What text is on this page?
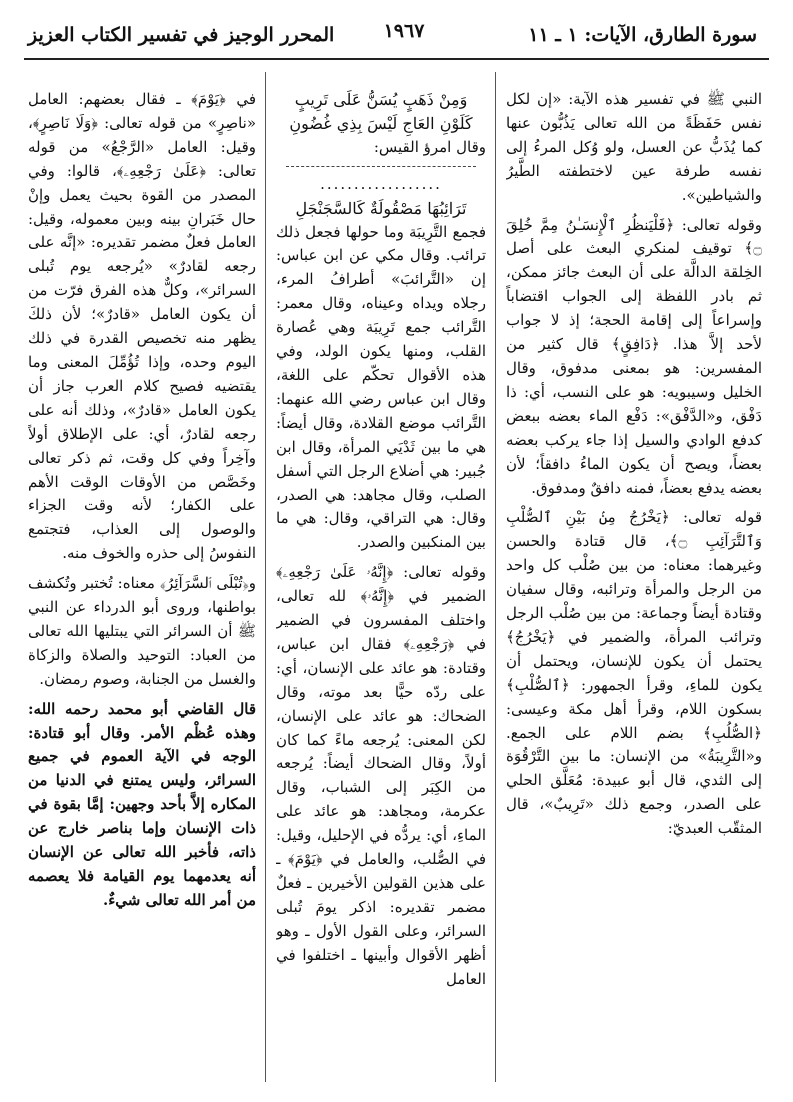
سورة الطارق، الآيات: ١ ـ ١١
١٩٦٧
المحرر الوجيز في تفسير الكتاب العزيز

النبي ﷺ في تفسير هذه الآية: «إن لكل نفس حَفَظَةً من الله تعالى يَذُبُّون عنها كما يُذَبُّ عن العسل، ولو وُكل المرءُ إلى نفسه طرفة عين لاختطفته الطَّيرُ والشياطين».

وقوله تعالى: ﴿فَلْيَنظُرِ ٱلْإِنسَـٰنُ مِمَّ خُلِقَ ۝﴾ توقيف لمنكري البعث على أصل الخِلقة الدالَّة على أن البعث جائز ممكن، ثم بادر اللفظة إلى الجواب اقتضاباً وإسراعاً إلى إقامة الحجة؛ إذ لا جواب لأحد إلاَّ هذا. ﴿دَافِقٍ﴾ قال كثير من المفسرين: هو بمعنى مدفوق، وقال الخليل وسيبويه: هو على النسب، أي: ذا دَفْق، و«الدَّفْق»: دَفْع الماء بعضه ببعض كدفع الوادي والسيل إذا جاء يركب بعضه بعضاً، ويصح أن يكون الماءُ دافقاً؛ لأن بعضه يدفع بعضاً، فمنه دافقٌ ومدفوق.

قوله تعالى: ﴿يَخْرُجُ مِنۢ بَيْنِ ٱلصُّلْبِ وَٱلتَّرَآئِبِ ۝﴾، قال قتادة والحسن وغيرهما: معناه: من بين صُلْب كل واحد من الرجل والمرأة وترائبه، وقال سفيان وقتادة أيضاً وجماعة: من بين صُلْب الرجل وترائب المرأة، والضمير في ﴿يَخْرُجُ﴾ يحتمل أن يكون للإنسان، ويحتمل أن يكون للماءِ، وقرأ الجمهور: ﴿ٱلصُّلْبِ﴾ بسكون اللام، وقرأ أهل مكة وعيسى: ﴿الصُّلُبِ﴾ بضم اللام على الجمع. و«التَّرِيبَةُ» من الإنسان: ما بين التَّرْقُوَة إلى الثدي، قال أبو عبيدة: مُعَلَّق الحلي على الصدر، وجمع ذلك «تَرِيبٌ»، قال المثقّب العبديّ:

وَمِنْ ذَهَبٍ يُسَنُّ عَلَى تَرِيبٍ

كَلَوْنِ العَاجِ لَيْسَ بِذِي غُضُونِ

وقال امرؤ القيس:

..................

تَرَائِبُهَا مَصْقُولَةٌ كَالسَّجَنْجَلِ

فجمع التَّرِيبَة وما حولها فجعل ذلك ترائب. وقال مكي عن ابن عباس: إن «التَّرائبَ» أطرافُ المرء، رجلاه ويداه وعيناه، وقال معمر: التَّرائب جمع تَرِيبَة وهي عُصارة القلب، ومنها يكون الولد، وفي هذه الأقوال تحكّم على اللغة، وقال ابن عباس رضي الله عنهما: التَّرائب موضع القلادة، وقال أيضاً: هي ما بين ثَدْيَي المرأة، وقال ابن جُبير: هي أضلاع الرجل التي أسفل الصلب، وقال مجاهد: هي الصدر، وقال: هي التراقي، وقال: هي ما بين المنكبين والصدر.

وقوله تعالى: ﴿إِنَّهُۥ عَلَىٰ رَجْعِهِۦ﴾ الضمير في ﴿إِنَّهُۥ﴾ لله تعالى، واختلف المفسرون في الضمير في ﴿رَجْعِهِۦ﴾ فقال ابن عباس، وقتادة: هو عائد على الإنسان، أي: على ردّه حيًّا بعد موته، وقال الضحاك: هو عائد على الإنسان، لكن المعنى: يُرجعه ماءً كما كان أولاً، وقال الضحاك أيضاً: يُرجعه من الكِبَر إلى الشباب، وقال عكرمة، ومجاهد: هو عائد على الماءِ، أي: يردُّه في الإحليل، وقيل: في الصُّلب، والعامل في ﴿يَوْمَ﴾ ـ على هذين القولين الأخيرين ـ فعلٌ مضمر تقديره: اذكر يومَ تُبلى السرائر، وعلى القول الأول ـ وهو أظهر الأقوال وأبينها ـ اختلفوا في العامل

في ﴿يَوْمَ﴾ ـ فقال بعضهم: العامل «ناصِرٍ» من قوله تعالى: ﴿وَلَا نَاصِرٍ﴾، وقيل: العامل «الرَّجْعُ» من قوله تعالى: ﴿عَلَىٰ رَجْعِهِۦ﴾، قالوا: وفي المصدر من القوة بحيث يعمل وإنْ حال خَبَرانِ بينه وبين معموله، وقيل: العامل فعلٌ مضمر تقديره: «إنَّه على رجعه لقادرٌ» «يُرجعه يوم تُبلى السرائر»، وكلٌّ هذه الفرق فرّت من أن يكون العامل «قادرٌ»؛ لأن ذلكَ يظهر منه تخصيص القدرة في ذلك اليوم وحده، وإذا تُؤُمِّلَ المعنى وما يقتضيه فصيح كلام العرب جاز أن يكون العامل «قادرٌ»، وذلك أنه على رجعه لقادرٌ، أي: على الإطلاق أولاً وآخِراً وفي كل وقت، ثم ذكر تعالى وخَصَّص من الأوقات الوقت الأهم على الكفار؛ لأنه وقت الجزاء والوصول إلى العذاب، فتجتمع النفوسُ إلى حذره والخوف منه.

و﴿تُبْلَى ٱلسَّرَآئِرُ﴾ معناه: تُختبر وتُكشف بواطنها، وروى أبو الدرداء عن النبي ﷺ أن السرائر التي يبتليها الله تعالى من العباد: التوحيد والصلاة والزكاة والغسل من الجنابة، وصوم رمضان.

قال القاضي أبو محمد رحمه الله: وهذه عُظْم الأمر. وقال أبو قتادة: الوجه في الآية العموم في جميع السرائر، وليس يمتنع في الدنيا من المكاره إلاَّ بأحد وجهين: إمَّا بقوة في ذات الإنسان وإما بناصر خارج عن ذاته، فأخبر الله تعالى عن الإنسان أنه يعدمهما يوم القيامة فلا يعصمه من أمر الله تعالى شيءٌ.
